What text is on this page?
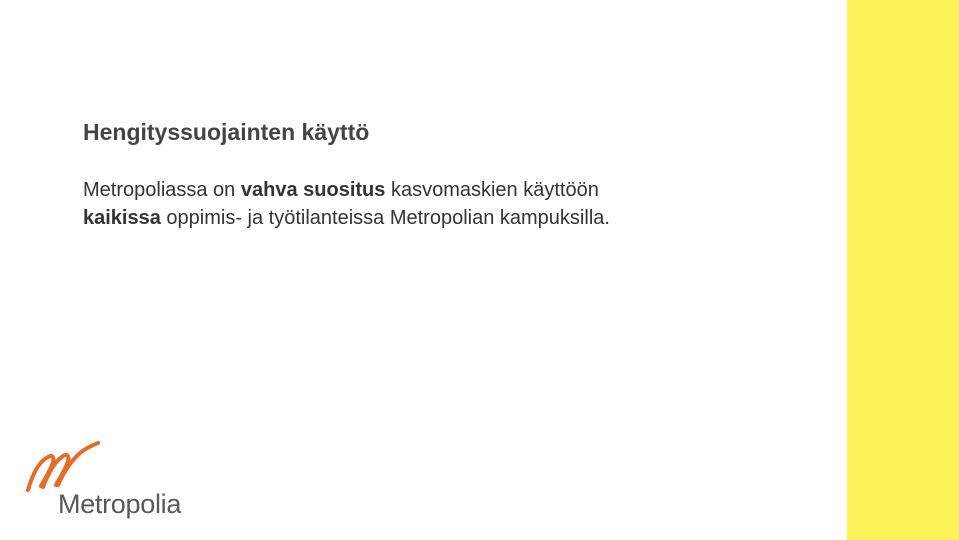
Hengityssuojainten käyttö

Metropoliassa on vahva suositus kasvomaskien käyttöön
kaikissa oppimis- ja työtilanteissa Metropolian kampuksilla.

Metropolia
